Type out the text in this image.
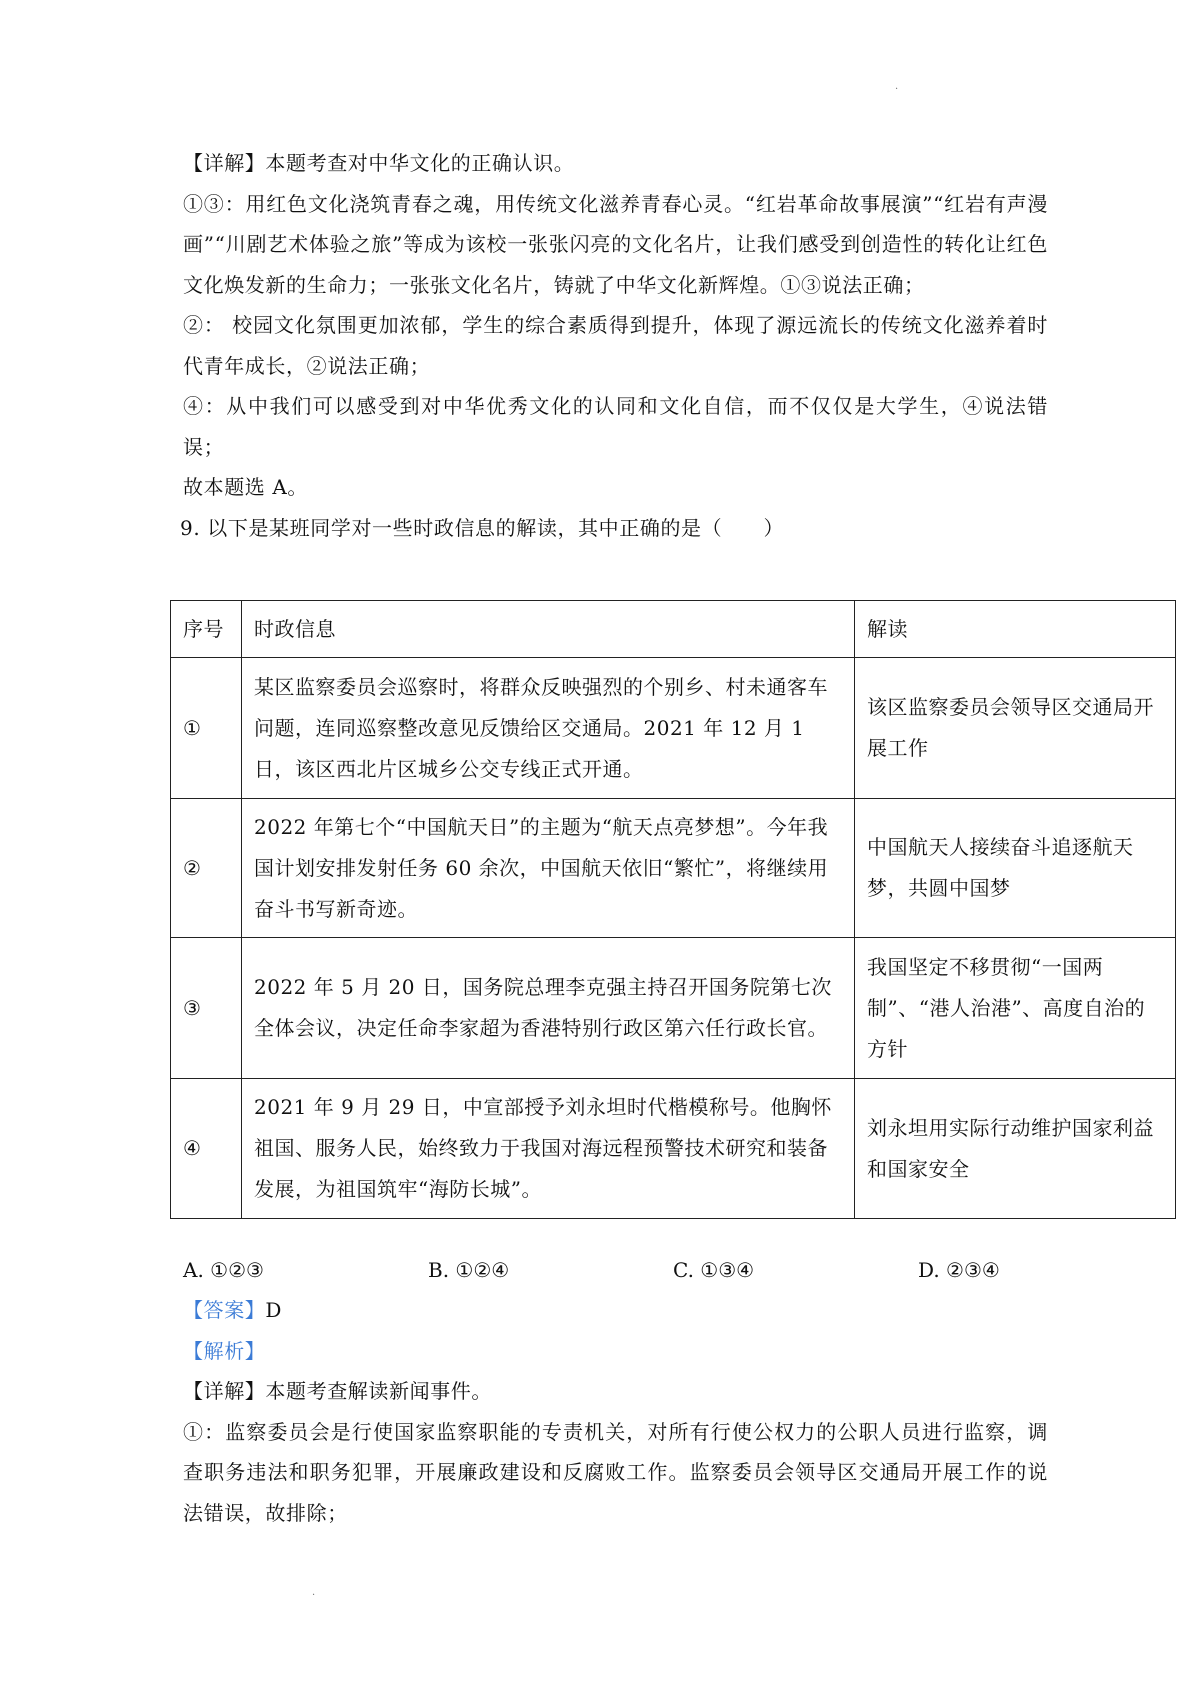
·
·

【详解】本题考查对中华文化的正确认识。

①③：用红色文化浇筑青春之魂，用传统文化滋养青春心灵。“红岩革命故事展演”“红岩有声漫画”“川剧艺术体验之旅”等成为该校一张张闪亮的文化名片，让我们感受到创造性的转化让红色文化焕发新的生命力；一张张文化名片，铸就了中华文化新辉煌。①③说法正确；

②： 校园文化氛围更加浓郁，学生的综合素质得到提升，体现了源远流长的传统文化滋养着时代青年成长，②说法正确；

④：从中我们可以感受到对中华优秀文化的认同和文化自信，而不仅仅是大学生，④说法错误；

故本题选 A。

9. 以下是某班同学对一些时政信息的解读，其中正确的是（　　）

序号	时政信息	解读
①	某区监察委员会巡察时，将群众反映强烈的个别乡、村未通客车问题，连同巡察整改意见反馈给区交通局。2021 年 12 月 1 日，该区西北片区城乡公交专线正式开通。	该区监察委员会领导区交通局开展工作
②	2022 年第七个“中国航天日”的主题为“航天点亮梦想”。今年我国计划安排发射任务 60 余次，中国航天依旧“繁忙”，将继续用奋斗书写新奇迹。	中国航天人接续奋斗追逐航天梦，共圆中国梦
③	2022 年 5 月 20 日，国务院总理李克强主持召开国务院第七次全体会议，决定任命李家超为香港特别行政区第六任行政长官。	我国坚定不移贯彻“一国两制”、“港人治港”、高度自治的方针
④	2021 年 9 月 29 日，中宣部授予刘永坦时代楷模称号。他胸怀祖国、服务人民，始终致力于我国对海远程预警技术研究和装备发展，为祖国筑牢“海防长城”。	刘永坦用实际行动维护国家利益和国家安全
A. ①②③	B. ①②④	C. ①③④	D. ②③④

【答案】D

【解析】

【详解】本题考查解读新闻事件。

①：监察委员会是行使国家监察职能的专责机关，对所有行使公权力的公职人员进行监察，调查职务违法和职务犯罪，开展廉政建设和反腐败工作。监察委员会领导区交通局开展工作的说法错误，故排除；
